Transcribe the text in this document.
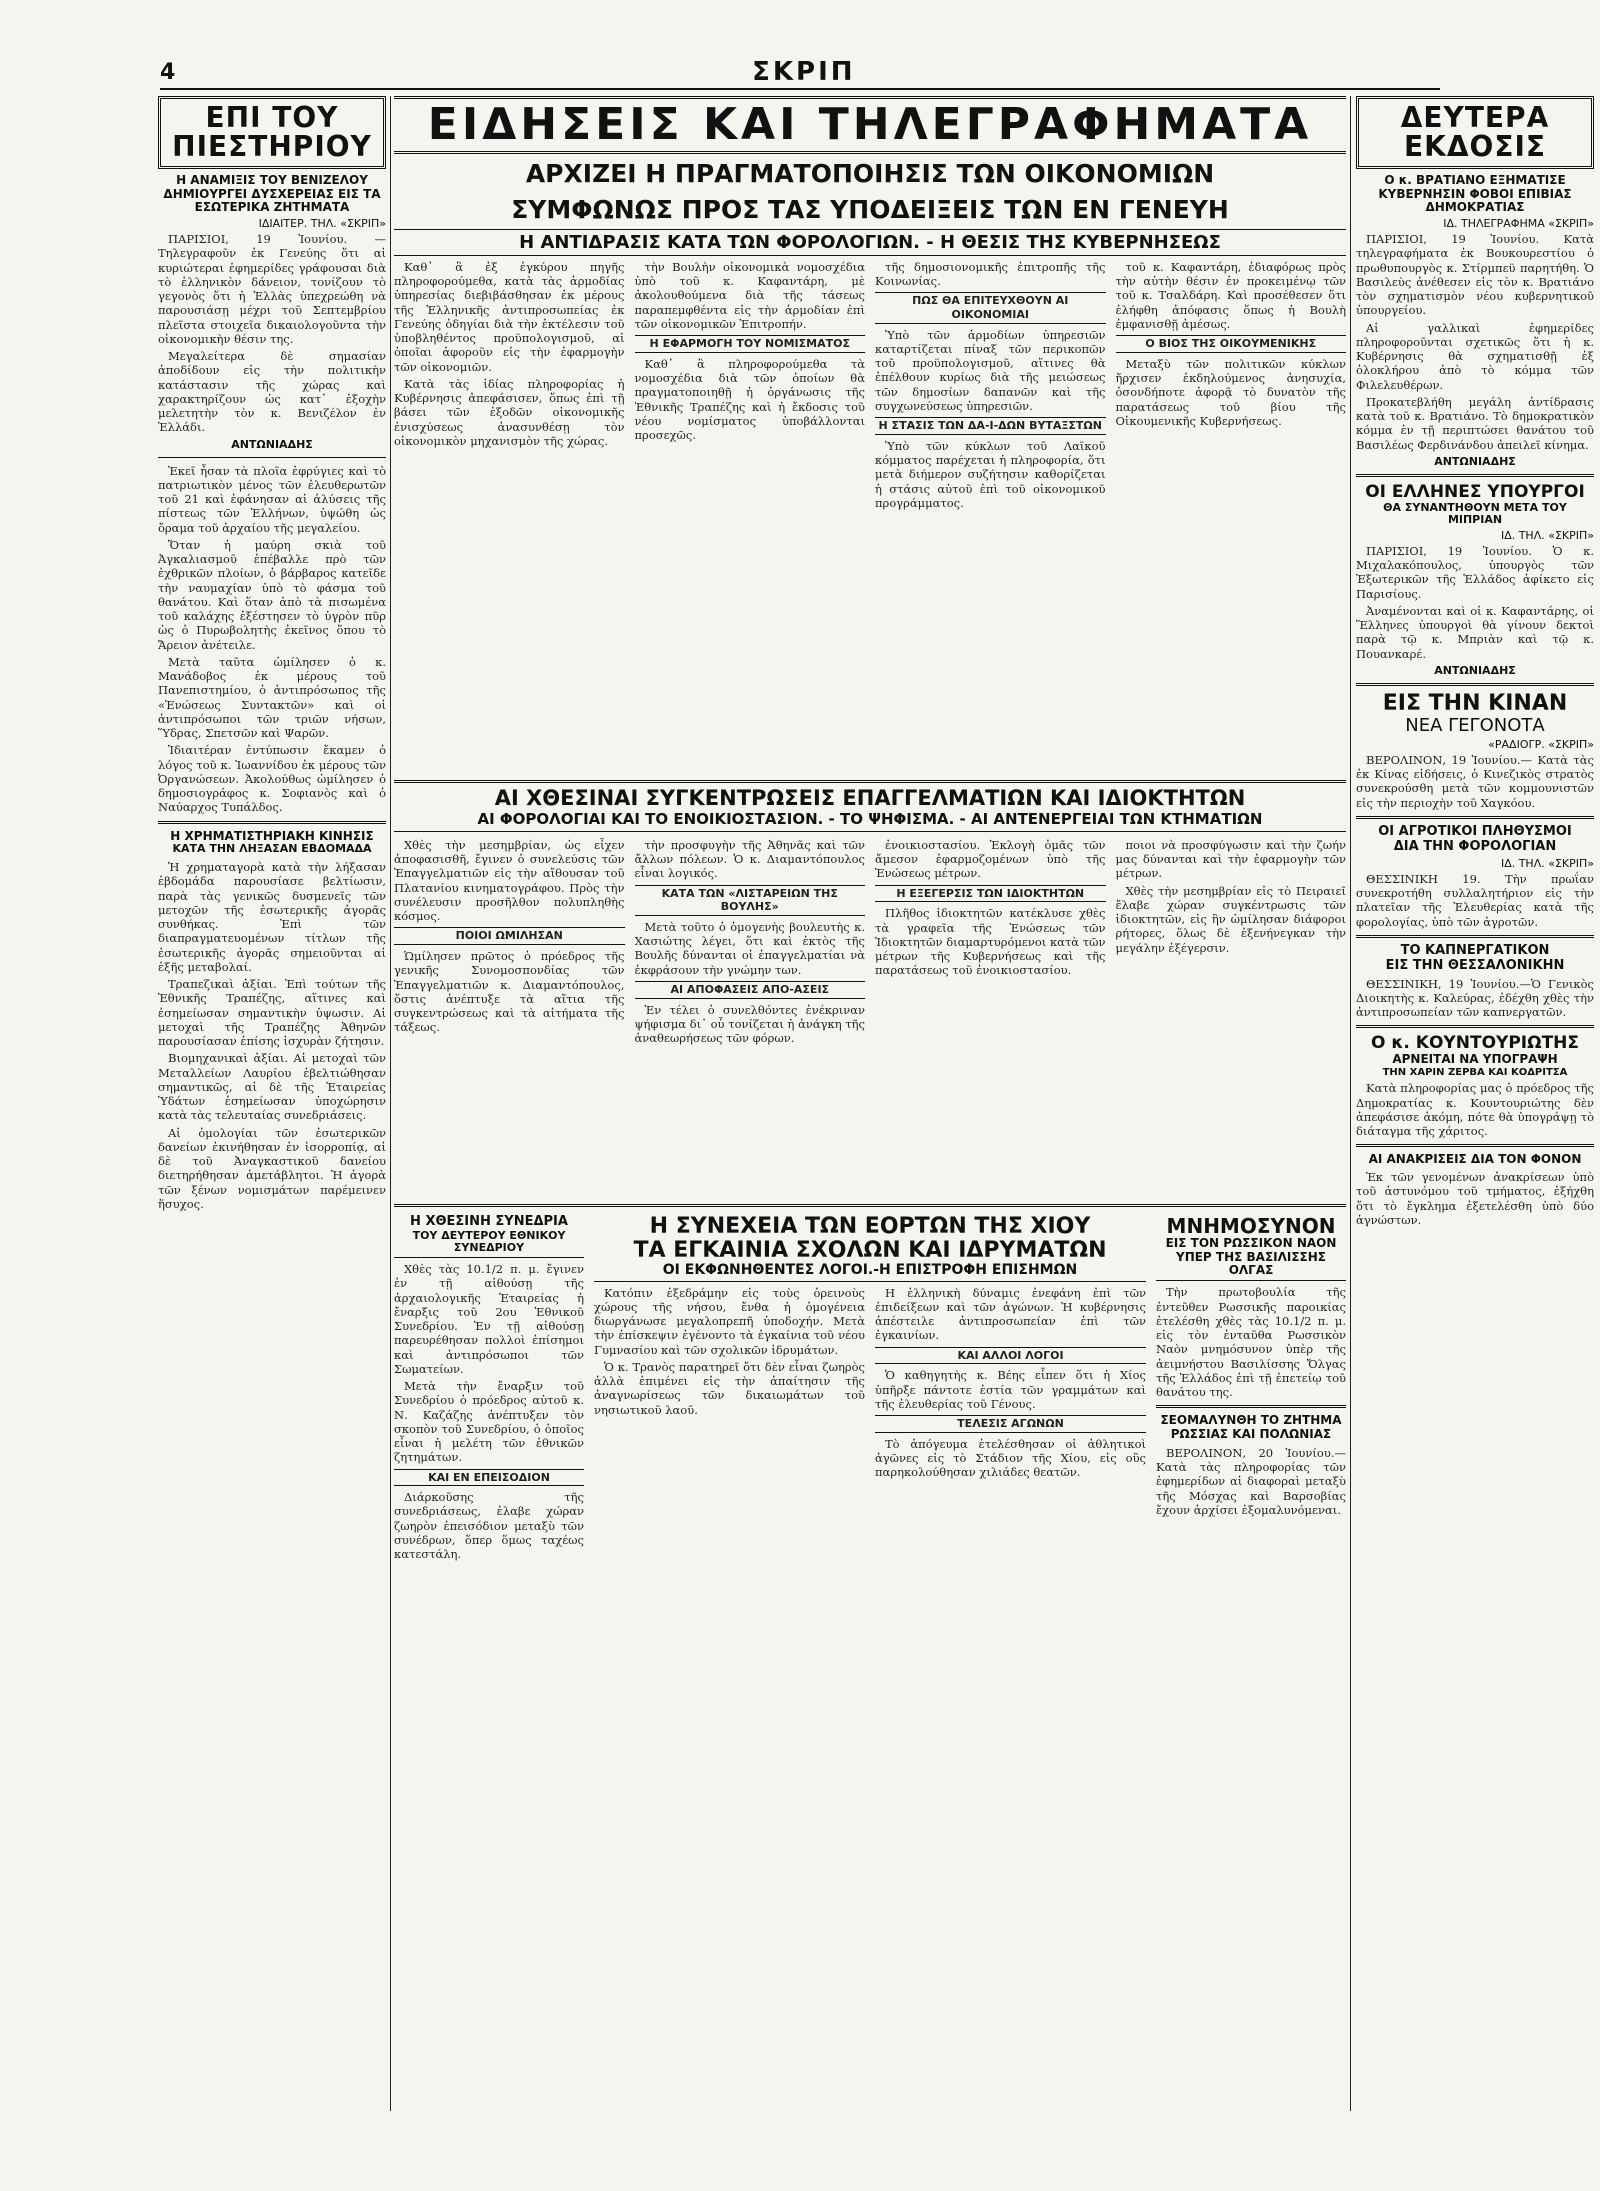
4	ΣΚΡΙΠ

ΕΠΙ ΤΟΥ ΠΙΕΣΤΗΡΙΟΥ
Η ΑΝΑΜΙΞΙΣ ΤΟΥ ΒΕΝΙΖΕΛΟΥ ΔΗΜΙΟΥΡΓΕΙ ΔΥΣΧΕΡΕΙΑΣ ΕΙΣ ΤΑ ΕΣΩΤΕΡΙΚΑ ΖΗΤΗΜΑΤΑ
ΙΔΙΑΙΤΕΡ. ΤΗΛ. «ΣΚΡΙΠ»

ΠΑΡΙΣΙΟΙ, 19 Ἰουνίου. — Τηλεγραφοῦν ἐκ Γενεύης ὅτι αἱ κυριώτεραι ἐφημερίδες γράφουσαι διὰ τὸ ἑλληνικὸν δάνειον, τονίζουν τὸ γεγονὸς ὅτι ἡ Ἑλλὰς ὑπεχρεώθη νὰ παρουσιάσῃ μέχρι τοῦ Σεπτεμβρίου πλεῖστα στοιχεῖα δικαιολογοῦντα τὴν οἰκονομικὴν θέσιν της.

Μεγαλείτερα δὲ σημασίαν ἀποδίδουν εἰς τὴν πολιτικὴν κατάστασιν τῆς χώρας καὶ χαρακτηρίζουν ὡς κατ᾽ ἐξοχὴν μελετητὴν τὸν κ. Βενιζέλον ἐν Ἑλλάδι.

ΑΝΤΩΝΙΑΔΗΣ

Ἐκεῖ ἦσαν τὰ πλοῖα ἐφρύγιες καὶ τὸ πατριωτικὸν μένος τῶν ἐλευθερωτῶν τοῦ 21 καὶ ἐφάνησαν αἱ ἁλύσεις τῆς πίστεως τῶν Ἑλλήνων, ὑψώθη ὡς ὅραμα τοῦ ἀρχαίου τῆς μεγαλείου.

Ὅταν ἡ μαύρη σκιὰ τοῦ Ἀγκαλιασμοῦ ἐπέβαλλε πρὸ τῶν ἐχθρικῶν πλοίων, ὁ βάρβαρος κατεῖδε τὴν ναυμαχίαν ὑπὸ τὸ φάσμα τοῦ θανάτου. Καὶ ὅταν ἀπὸ τὰ πισωμένα τοῦ καλάχης ἐξέστησεν τὸ ὑγρὸν πῦρ ὡς ὁ Πυρωβολητὴς ἐκεῖνος ὅπου τὸ Ἄρειον ἀνέτειλε.

Μετὰ ταῦτα ὡμίλησεν ὁ κ. Μανάδοβος ἐκ μέρους τοῦ Πανεπιστημίου, ὁ ἀντιπρόσωπος τῆς «Ἑνώσεως Συντακτῶν» καὶ οἱ ἀντιπρόσωποι τῶν τριῶν νήσων, Ὕδρας, Σπετσῶν καὶ Ψαρῶν.

Ἰδιαιτέραν ἐντύπωσιν ἔκαμεν ὁ λόγος τοῦ κ. Ἰωαννίδου ἐκ μέρους τῶν Ὀργανώσεων. Ἀκολούθως ὡμίλησεν ὁ δημοσιογράφος κ. Σοφιανὸς καὶ ὁ Ναύαρχος Τυπάλδος.

Η ΧΡΗΜΑΤΙΣΤΗΡΙΑΚΗ ΚΙΝΗΣΙΣ
ΚΑΤΑ ΤΗΝ ΛΗΞΑΣΑΝ ΕΒΔΟΜΑΔΑ

Ἡ χρηματαγορὰ κατὰ τὴν λήξασαν ἑβδομάδα παρουσίασε βελτίωσιν, παρὰ τὰς γενικῶς δυσμενεῖς τῶν μετοχῶν τῆς ἐσωτερικῆς ἀγορᾶς συνθήκας. Ἐπὶ τῶν διαπραγματευομένων τίτλων τῆς ἐσωτερικῆς ἀγορᾶς σημειοῦνται αἱ ἑξῆς μεταβολαί.

Τραπεζικαὶ ἀξίαι. Ἐπὶ τούτων τῆς Ἐθνικῆς Τραπέζης, αἵτινες καὶ ἐσημείωσαν σημαντικὴν ὑψωσιν. Αἱ μετοχαὶ τῆς Τραπέζης Ἀθηνῶν παρουσίασαν ἐπίσης ἰσχυρὰν ζήτησιν.

Βιομηχανικαὶ ἀξίαι. Αἱ μετοχαὶ τῶν Μεταλλείων Λαυρίου ἐβελτιώθησαν σημαντικῶς, αἱ δὲ τῆς Ἑταιρείας Ὑδάτων ἐσημείωσαν ὑποχώρησιν κατὰ τὰς τελευταίας συνεδριάσεις.

Αἱ ὁμολογίαι τῶν ἐσωτερικῶν δανείων ἐκινήθησαν ἐν ἰσορροπίᾳ, αἱ δὲ τοῦ Ἀναγκαστικοῦ δανείου διετηρήθησαν ἀμετάβλητοι. Ἡ ἀγορὰ τῶν ξένων νομισμάτων παρέμεινεν ἥσυχος.

ΕΙΔΗΣΕΙΣ ΚΑΙ ΤΗΛΕΓΡΑΦΗΜΑΤΑ
ΑΡΧΙΖΕΙ Η ΠΡΑΓΜΑΤΟΠΟΙΗΣΙΣ ΤΩΝ ΟΙΚΟΝΟΜΙΩΝ
ΣΥΜΦΩΝΩΣ ΠΡΟΣ ΤΑΣ ΥΠΟΔΕΙΞΕΙΣ ΤΩΝ ΕΝ ΓΕΝΕΥΗ
Η ΑΝΤΙΔΡΑΣΙΣ ΚΑΤΑ ΤΩΝ ΦΟΡΟΛΟΓΙΩΝ. - Η ΘΕΣΙΣ ΤΗΣ ΚΥΒΕΡΝΗΣΕΩΣ

Καθ᾽ ἃ ἐξ ἐγκύρου πηγῆς πληροφορούμεθα, κατὰ τὰς ἁρμοδίας ὑπηρεσίας διεβιβάσθησαν ἐκ μέρους τῆς Ἑλληνικῆς ἀντιπροσωπείας ἐκ Γενεύης ὁδηγίαι διὰ τὴν ἐκτέλεσιν τοῦ ὑποβληθέντος προϋπολογισμοῦ, αἱ ὁποῖαι ἀφοροῦν εἰς τὴν ἐφαρμογὴν τῶν οἰκονομιῶν.

Κατὰ τὰς ἰδίας πληροφορίας ἡ Κυβέρνησις ἀπεφάσισεν, ὅπως ἐπὶ τῇ βάσει τῶν ἐξοδῶν οἰκονομικῆς ἐνισχύσεως ἀνασυνθέσῃ τὸν οἰκονομικὸν μηχανισμὸν τῆς χώρας.

τὴν Βουλὴν οἰκονομικὰ νομοσχέδια ὑπὸ τοῦ κ. Καφαντάρη, μὲ ἀκολουθούμενα διὰ τῆς τάσεως παραπεμφθέντα εἰς τὴν ἁρμοδίαν ἐπὶ τῶν οἰκονομικῶν Ἐπιτροπήν.

Η ΕΦΑΡΜΟΓΗ ΤΟΥ ΝΟΜΙΣΜΑΤΟΣ

Καθ᾽ ἃ πληροφορούμεθα τὰ νομοσχέδια διὰ τῶν ὁποίων θὰ πραγματοποιηθῇ ἡ ὀργάνωσις τῆς Ἐθνικῆς Τραπέζης καὶ ἡ ἔκδοσις τοῦ νέου νομίσματος ὑποβάλλονται προσεχῶς.

τῆς δημοσιονομικῆς ἐπιτροπῆς τῆς Κοινωνίας.

ΠΩΣ ΘΑ ΕΠΙΤΕΥΧΘΟΥΝ ΑΙ ΟΙΚΟΝΟΜΙΑΙ

Ὑπὸ τῶν ἁρμοδίων ὑπηρεσιῶν καταρτίζεται πίναξ τῶν περικοπῶν τοῦ προϋπολογισμοῦ, αἵτινες θὰ ἐπέλθουν κυρίως διὰ τῆς μειώσεως τῶν δημοσίων δαπανῶν καὶ τῆς συγχωνεύσεως ὑπηρεσιῶν.

Η ΣΤΑΣΙΣ ΤΩΝ ΔΑ-Ι-ΔΩΝ ΒΥΤΑΞΣΤΩΝ

Ὑπὸ τῶν κύκλων τοῦ Λαϊκοῦ κόμματος παρέχεται ἡ πληροφορία, ὅτι μετὰ διήμερον συζήτησιν καθορίζεται ἡ στάσις αὐτοῦ ἐπὶ τοῦ οἰκονομικοῦ προγράμματος.

τοῦ κ. Καφαντάρη, ἐδιαφόρως πρὸς τὴν αὐτὴν θέσιν ἐν προκειμένῳ τῶν τοῦ κ. Τσαλδάρη. Καὶ προσέθεσεν ὅτι ἐλήφθη ἀπόφασις ὅπως ἡ Βουλὴ ἐμφανισθῇ ἀμέσως.

Ο ΒΙΟΣ ΤΗΣ ΟΙΚΟΥΜΕΝΙΚΗΣ

Μεταξὺ τῶν πολιτικῶν κύκλων ἤρχισεν ἐκδηλούμενος ἀνησυχία, ὁσονδήποτε ἀφορᾷ τὸ δυνατὸν τῆς παρατάσεως τοῦ βίου τῆς Οἰκουμενικῆς Κυβερνήσεως.

ΑΙ ΧΘΕΣΙΝΑΙ ΣΥΓΚΕΝΤΡΩΣΕΙΣ ΕΠΑΓΓΕΛΜΑΤΙΩΝ ΚΑΙ ΙΔΙΟΚΤΗΤΩΝ
ΑΙ ΦΟΡΟΛΟΓΙΑΙ ΚΑΙ ΤΟ ΕΝΟΙΚΙΟΣΤΑΣΙΟΝ. - ΤΟ ΨΗΦΙΣΜΑ. - ΑΙ ΑΝΤΕΝΕΡΓΕΙΑΙ ΤΩΝ ΚΤΗΜΑΤΙΩΝ

Χθὲς τὴν μεσημβρίαν, ὡς εἶχεν ἀποφασισθῆ, ἔγινεν ὁ συνελεύσις τῶν Ἐπαγγελματιῶν εἰς τὴν αἴθουσαν τοῦ Πλατανίου κινηματογράφου. Πρὸς τὴν συνέλευσιν προσῆλθον πολυπληθὴς κόσμος.

ΠΟΙΟΙ ΩΜΙΛΗΣΑΝ

Ὡμίλησεν πρῶτος ὁ πρόεδρος τῆς γενικῆς Συνομοσπονδίας τῶν Ἐπαγγελματιῶν κ. Διαμαντόπουλος, ὅστις ἀνέπτυξε τὰ αἴτια τῆς συγκεντρώσεως καὶ τὰ αἰτήματα τῆς τάξεως.

τὴν προσφυγὴν τῆς Ἀθηνᾶς καὶ τῶν ἄλλων πόλεων. Ὁ κ. Διαμαντόπουλος εἶναι λογικός.

ΚΑΤΑ ΤΩΝ «ΛΙΣΤΑΡΕΙΩΝ ΤΗΣ ΒΟΥΛΗΣ»

Μετὰ τοῦτο ὁ ὁμογενὴς βουλευτὴς κ. Χασιώτης λέγει, ὅτι καὶ ἐκτὸς τῆς Βουλῆς δύνανται οἱ ἐπαγγελματίαι νὰ ἐκφράσουν τὴν γνώμην των.

ΑΙ ΑΠΟΦΑΣΕΙΣ ΑΠΟ-ΑΣΕΙΣ

Ἐν τέλει ὁ συνελθόντες ἐνέκριναν ψήφισμα δι᾽ οὗ τονίζεται ἡ ἀνάγκη τῆς ἀναθεωρήσεως τῶν φόρων.

ἐνοικιοστασίου. Ἐκλογὴ ὁμᾶς τῶν ἄμεσον ἐφαρμοζομένων ὑπὸ τῆς Ἑνώσεως μέτρων.

Η ΕΞΕΓΕΡΣΙΣ ΤΩΝ ΙΔΙΟΚΤΗΤΩΝ

Πλῆθος ἰδιοκτητῶν κατέκλυσε χθὲς τὰ γραφεῖα τῆς Ἑνώσεως τῶν Ἰδιοκτητῶν διαμαρτυρόμενοι κατὰ τῶν μέτρων τῆς Κυβερνήσεως καὶ τῆς παρατάσεως τοῦ ἐνοικιοστασίου.

ποιοι νὰ προσφύγωσιν καὶ τὴν ζωήν μας δύνανται καὶ τὴν ἐφαρμογὴν τῶν μέτρων.

Χθὲς τὴν μεσημβρίαν εἰς τὸ Πειραιεῖ ἔλαβε χώραν συγκέντρωσις τῶν ἰδιοκτητῶν, εἰς ἣν ὡμίλησαν διάφοροι ρήτορες, ὅλως δὲ ἐξενήνεγκαν τὴν μεγάλην ἐξέγερσιν.

Η ΧΘΕΣΙΝΗ ΣΥΝΕΔΡΙΑ
ΤΟΥ ΔΕΥΤΕΡΟΥ ΕΘΝΙΚΟΥ ΣΥΝΕΔΡΙΟΥ

Χθὲς τὰς 10.1/2 π. μ. ἔγινεν ἐν τῇ αἰθούσῃ τῆς ἀρχαιολογικῆς Ἑταιρείας ἡ ἔναρξις τοῦ 2ου Ἐθνικοῦ Συνεδρίου. Ἐν τῇ αἰθούσῃ παρευρέθησαν πολλοὶ ἐπίσημοι καὶ ἀντιπρόσωποι τῶν Σωματείων.

Μετὰ τὴν ἔναρξιν τοῦ Συνεδρίου ὁ πρόεδρος αὐτοῦ κ. Ν. Καζάζης ἀνέπτυξεν τὸν σκοπὸν τοῦ Συνεδρίου, ὁ ὁποῖος εἶναι ἡ μελέτη τῶν ἐθνικῶν ζητημάτων.

ΚΑΙ ΕΝ ΕΠΕΙΣΟΔΙΟΝ

Διάρκοῦσης τῆς συνεδριάσεως, ἐλαβε χώραν ζωηρὸν ἐπεισόδιον μεταξὺ τῶν συνέδρων, ὅπερ ὅμως ταχέως κατεστάλη.

Η ΣΥΝΕΧΕΙΑ ΤΩΝ ΕΟΡΤΩΝ ΤΗΣ ΧΙΟΥ
ΤΑ ΕΓΚΑΙΝΙΑ ΣΧΟΛΩΝ ΚΑΙ ΙΔΡΥΜΑΤΩΝ
ΟΙ ΕΚΦΩΝΗΘΕΝΤΕΣ ΛΟΓΟΙ.-Η ΕΠΙΣΤΡΟΦΗ ΕΠΙΣΗΜΩΝ

Κατόπιν ἐξεδράμην εἰς τοὺς ὁρεινοὺς χώρους τῆς νήσου, ἔνθα ἡ ὁμογένεια διωργάνωσε μεγαλοπρεπῆ ὑποδοχήν. Μετὰ τὴν ἐπίσκεψιν ἐγένοντο τὰ ἐγκαίνια τοῦ νέου Γυμνασίου καὶ τῶν σχολικῶν ἱδρυμάτων.

Ὁ κ. Τρανὸς παρατηρεῖ ὅτι δὲν εἶναι ζωηρὸς ἀλλὰ ἐπιμένει εἰς τὴν ἀπαίτησιν τῆς ἀναγνωρίσεως τῶν δικαιωμάτων τοῦ νησιωτικοῦ λαοῦ.

Η ἑλληνικὴ δύναμις ἐνεφάνη ἐπὶ τῶν ἐπιδείξεων καὶ τῶν ἀγώνων. Ἡ κυβέρνησις ἀπέστειλε ἀντιπροσωπείαν ἐπὶ τῶν ἐγκαινίων.

ΚΑΙ ΑΛΛΟΙ ΛΟΓΟΙ

Ὁ καθηγητὴς κ. Βέης εἶπεν ὅτι ἡ Χίος ὑπῆρξε πάντοτε ἑστία τῶν γραμμάτων καὶ τῆς ἐλευθερίας τοῦ Γένους.

ΤΕΛΕΣΙΣ ΑΓΩΝΩΝ

Τὸ ἀπόγευμα ἐτελέσθησαν οἱ ἀθλητικοὶ ἀγῶνες εἰς τὸ Στάδιον τῆς Χίου, εἰς οὓς παρηκολούθησαν χιλιάδες θεατῶν.

ΜΝΗΜΟΣΥΝΟΝ
ΕΙΣ ΤΟΝ ΡΩΣΣΙΚΟΝ ΝΑΟΝ
ΥΠΕΡ ΤΗΣ ΒΑΣΙΛΙΣΣΗΣ ΟΛΓΑΣ

Τὴν πρωτοβουλία τῆς ἐντεῦθεν Ρωσσικῆς παροικίας ἐτελέσθη χθὲς τὰς 10.1/2 π. μ. εἰς τὸν ἐνταῦθα Ρωσσικὸν Ναὸν μνημόσυνον ὑπὲρ τῆς ἀειμνήστου Βασιλίσσης Ὄλγας τῆς Ἑλλάδος ἐπὶ τῇ ἐπετείῳ τοῦ θανάτου της.

ΣΕΟΜΑΛΥΝΘΗ ΤΟ ΖΗΤΗΜΑ
ΡΩΣΣΙΑΣ ΚΑΙ ΠΟΛΩΝΙΑΣ

ΒΕΡΟΛΙΝΟΝ, 20 Ἰουνίου.— Κατὰ τὰς πληροφορίας τῶν ἐφημερίδων αἱ διαφοραὶ μεταξὺ τῆς Μόσχας καὶ Βαρσοβίας ἔχουν ἀρχίσει ἐξομαλυνόμεναι.

ΔΕΥΤΕΡΑ ΕΚΔΟΣΙΣ
Ο κ. ΒΡΑΤΙΑΝΟ ΕΞΗΜΑΤΙΣΕ ΚΥΒΕΡΝΗΣΙΝ ΦΟΒΟΙ ΕΠΙΒΙΑΣ ΔΗΜΟΚΡΑΤΙΑΣ
ΙΔ. ΤΗΛΕΓΡΑΦΗΜΑ «ΣΚΡΙΠ»

ΠΑΡΙΣΙΟΙ, 19 Ἰουνίου. Κατὰ τηλεγραφήματα ἐκ Βουκουρεστίου ὁ πρωθυπουργὸς κ. Στίρμπεϋ παρητήθη. Ὁ Βασιλεὺς ἀνέθεσεν εἰς τὸν κ. Βρατιάνο τὸν σχηματισμὸν νέου κυβερνητικοῦ ὑπουργείου.

Αἱ γαλλικαὶ ἐφημερίδες πληροφοροῦνται σχετικῶς ὅτι ἡ κ. Κυβέρνησις θὰ σχηματισθῇ ἐξ ὀλοκλήρου ἀπὸ τὸ κόμμα τῶν Φιλελευθέρων.

Προκατεβλήθη μεγάλη ἀντίδρασις κατὰ τοῦ κ. Βρατιάνο. Τὸ δημοκρατικὸν κόμμα ἐν τῇ περιπτώσει θανάτου τοῦ Βασιλέως Φερδινάνδου ἀπειλεῖ κίνημα.

ΑΝΤΩΝΙΑΔΗΣ
ΟΙ ΕΛΛΗΝΕΣ ΥΠΟΥΡΓΟΙ
ΘΑ ΣΥΝΑΝΤΗΘΟΥΝ ΜΕΤΑ ΤΟΥ ΜΙΠΡΙΑΝ
ΙΔ. ΤΗΛ. «ΣΚΡΙΠ»

ΠΑΡΙΣΙΟΙ, 19 Ἰουνίου. Ὁ κ. Μιχαλακόπουλος, ὑπουργὸς τῶν Ἐξωτερικῶν τῆς Ἑλλάδος ἀφίκετο εἰς Παρισίους.

Ἀναμένονται καὶ οἱ κ. Καφαντάρης, οἱ Ἕλληνες ὑπουργοὶ θὰ γίνουν δεκτοὶ παρὰ τῷ κ. Μπριὰν καὶ τῷ κ. Πουανκαρέ.

ΑΝΤΩΝΙΑΔΗΣ
ΕΙΣ ΤΗΝ ΚΙΝΑΝ
ΝΕΑ ΓΕΓΟΝΟΤΑ
«ΡΑΔΙΟΓΡ. «ΣΚΡΙΠ»

ΒΕΡΟΛΙΝΟΝ, 19 Ἰουνίου.— Κατὰ τὰς ἐκ Κίνας εἰδήσεις, ὁ Κινεζικὸς στρατὸς συνεκρούσθη μετὰ τῶν κομμουνιστῶν εἰς τὴν περιοχὴν τοῦ Χαγκόου.

ΟΙ ΑΓΡΟΤΙΚΟΙ ΠΛΗΘΥΣΜΟΙ
ΔΙΑ ΤΗΝ ΦΟΡΟΛΟΓΙΑΝ
ΙΔ. ΤΗΛ. «ΣΚΡΙΠ»

ΘΕΣΣΙΝΙΚΗ 19. Τὴν πρωΐαν συνεκροτήθη συλλαλητήριον εἰς τὴν πλατεῖαν τῆς Ἐλευθερίας κατὰ τῆς φορολογίας, ὑπὸ τῶν ἀγροτῶν.

ΤΟ ΚΑΠΝΕΡΓΑΤΙΚΟΝ
ΕΙΣ ΤΗΝ ΘΕΣΣΑΛΟΝΙΚΗΝ

ΘΕΣΣΙΝΙΚΗ, 19 Ἰουνίου.—Ὁ Γενικὸς Διοικητὴς κ. Καλεύρας, ἐδέχθη χθὲς τὴν ἀντιπροσωπείαν τῶν καπνεργατῶν.

Ο κ. ΚΟΥΝΤΟΥΡΙΩΤΗΣ
ΑΡΝΕΙΤΑΙ ΝΑ ΥΠΟΓΡΑΨΗ
ΤΗΝ ΧΑΡΙΝ ΖΕΡΒΑ ΚΑΙ ΚΟΔΡΙΤΣΑ

Κατὰ πληροφορίας μας ὁ πρόεδρος τῆς Δημοκρατίας κ. Κουντουριώτης δὲν ἀπεφάσισε ἀκόμη, πότε θὰ ὑπογράψῃ τὸ διάταγμα τῆς χάριτος.

ΑΙ ΑΝΑΚΡΙΣΕΙΣ ΔΙΑ ΤΟΝ ΦΟΝΟΝ

Ἐκ τῶν γενομένων ἀνακρίσεων ὑπὸ τοῦ ἀστυνόμου τοῦ τμήματος, ἐξήχθη ὅτι τὸ ἔγκλημα ἐξετελέσθη ὑπὸ δύο ἀγνώστων.
